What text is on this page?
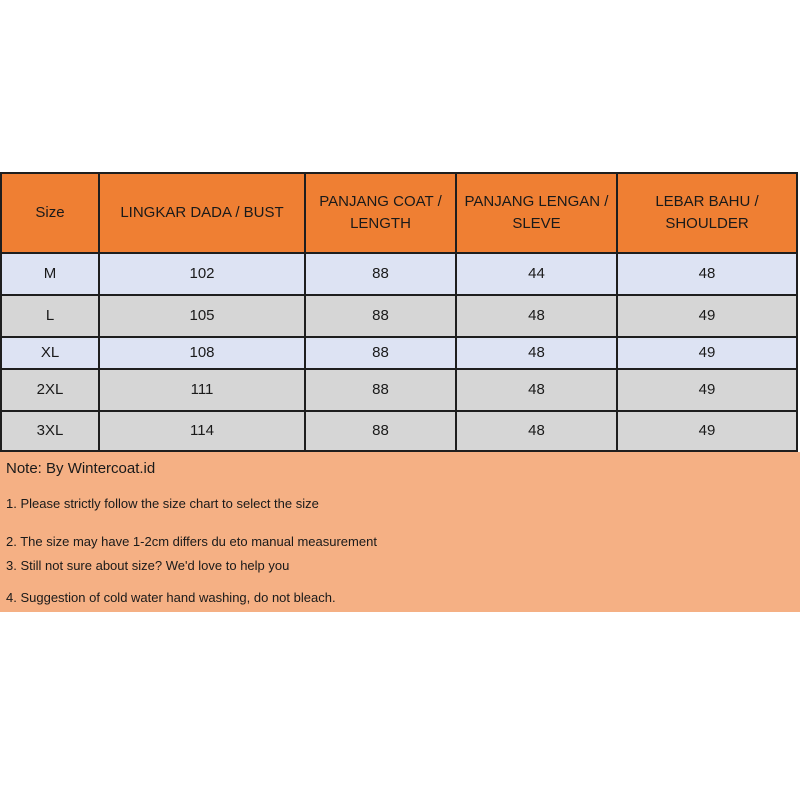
Size	LINGKAR DADA / BUST	PANJANG COAT / LENGTH	PANJANG LENGAN / SLEVE	LEBAR BAHU / SHOULDER
M	102	88	44	48
L	105	88	48	49
XL	108	88	48	49
2XL	111	88	48	49
3XL	114	88	48	49
Note: By Wintercoat.id
1. Please strictly follow the size chart to select the size
2. The size may have 1-2cm differs du eto manual measurement
3. Still not sure about size? We'd love to help you
4. Suggestion of cold water hand washing, do not bleach.
